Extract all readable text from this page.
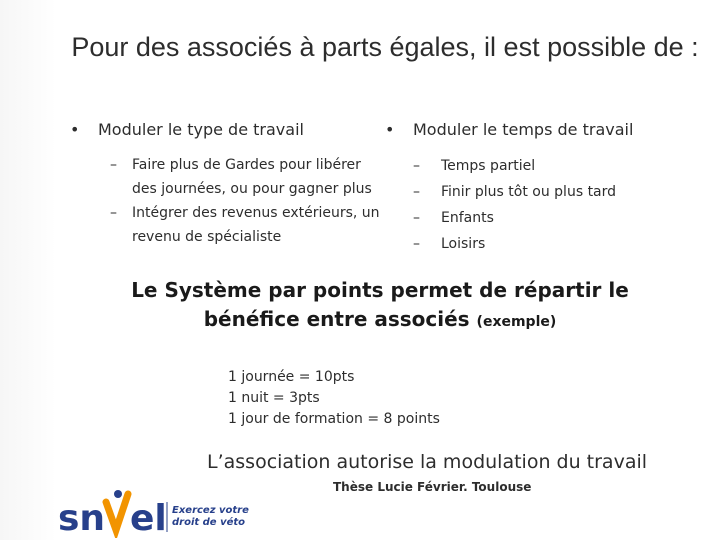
Pour des associés à parts égales, il est possible de :
•	Moduler le type de travail
–	Faire plus de Gardes pour libérer des journées, ou pour gagner plus
–	Intégrer des revenus extérieurs, un revenu de spécialiste
•	Moduler le temps de travail
–	Temps partiel
–	Finir plus tôt ou plus tard
–	Enfants
–	Loisirs
Le Système par points permet de répartir le bénéfice entre associés (exemple)
1 journée = 10pts
1 nuit = 3pts
1 jour de formation = 8 points
L’association autorise la modulation du travail
Thèse Lucie Février. Toulouse
sn el Exercez votre
droit de véto
